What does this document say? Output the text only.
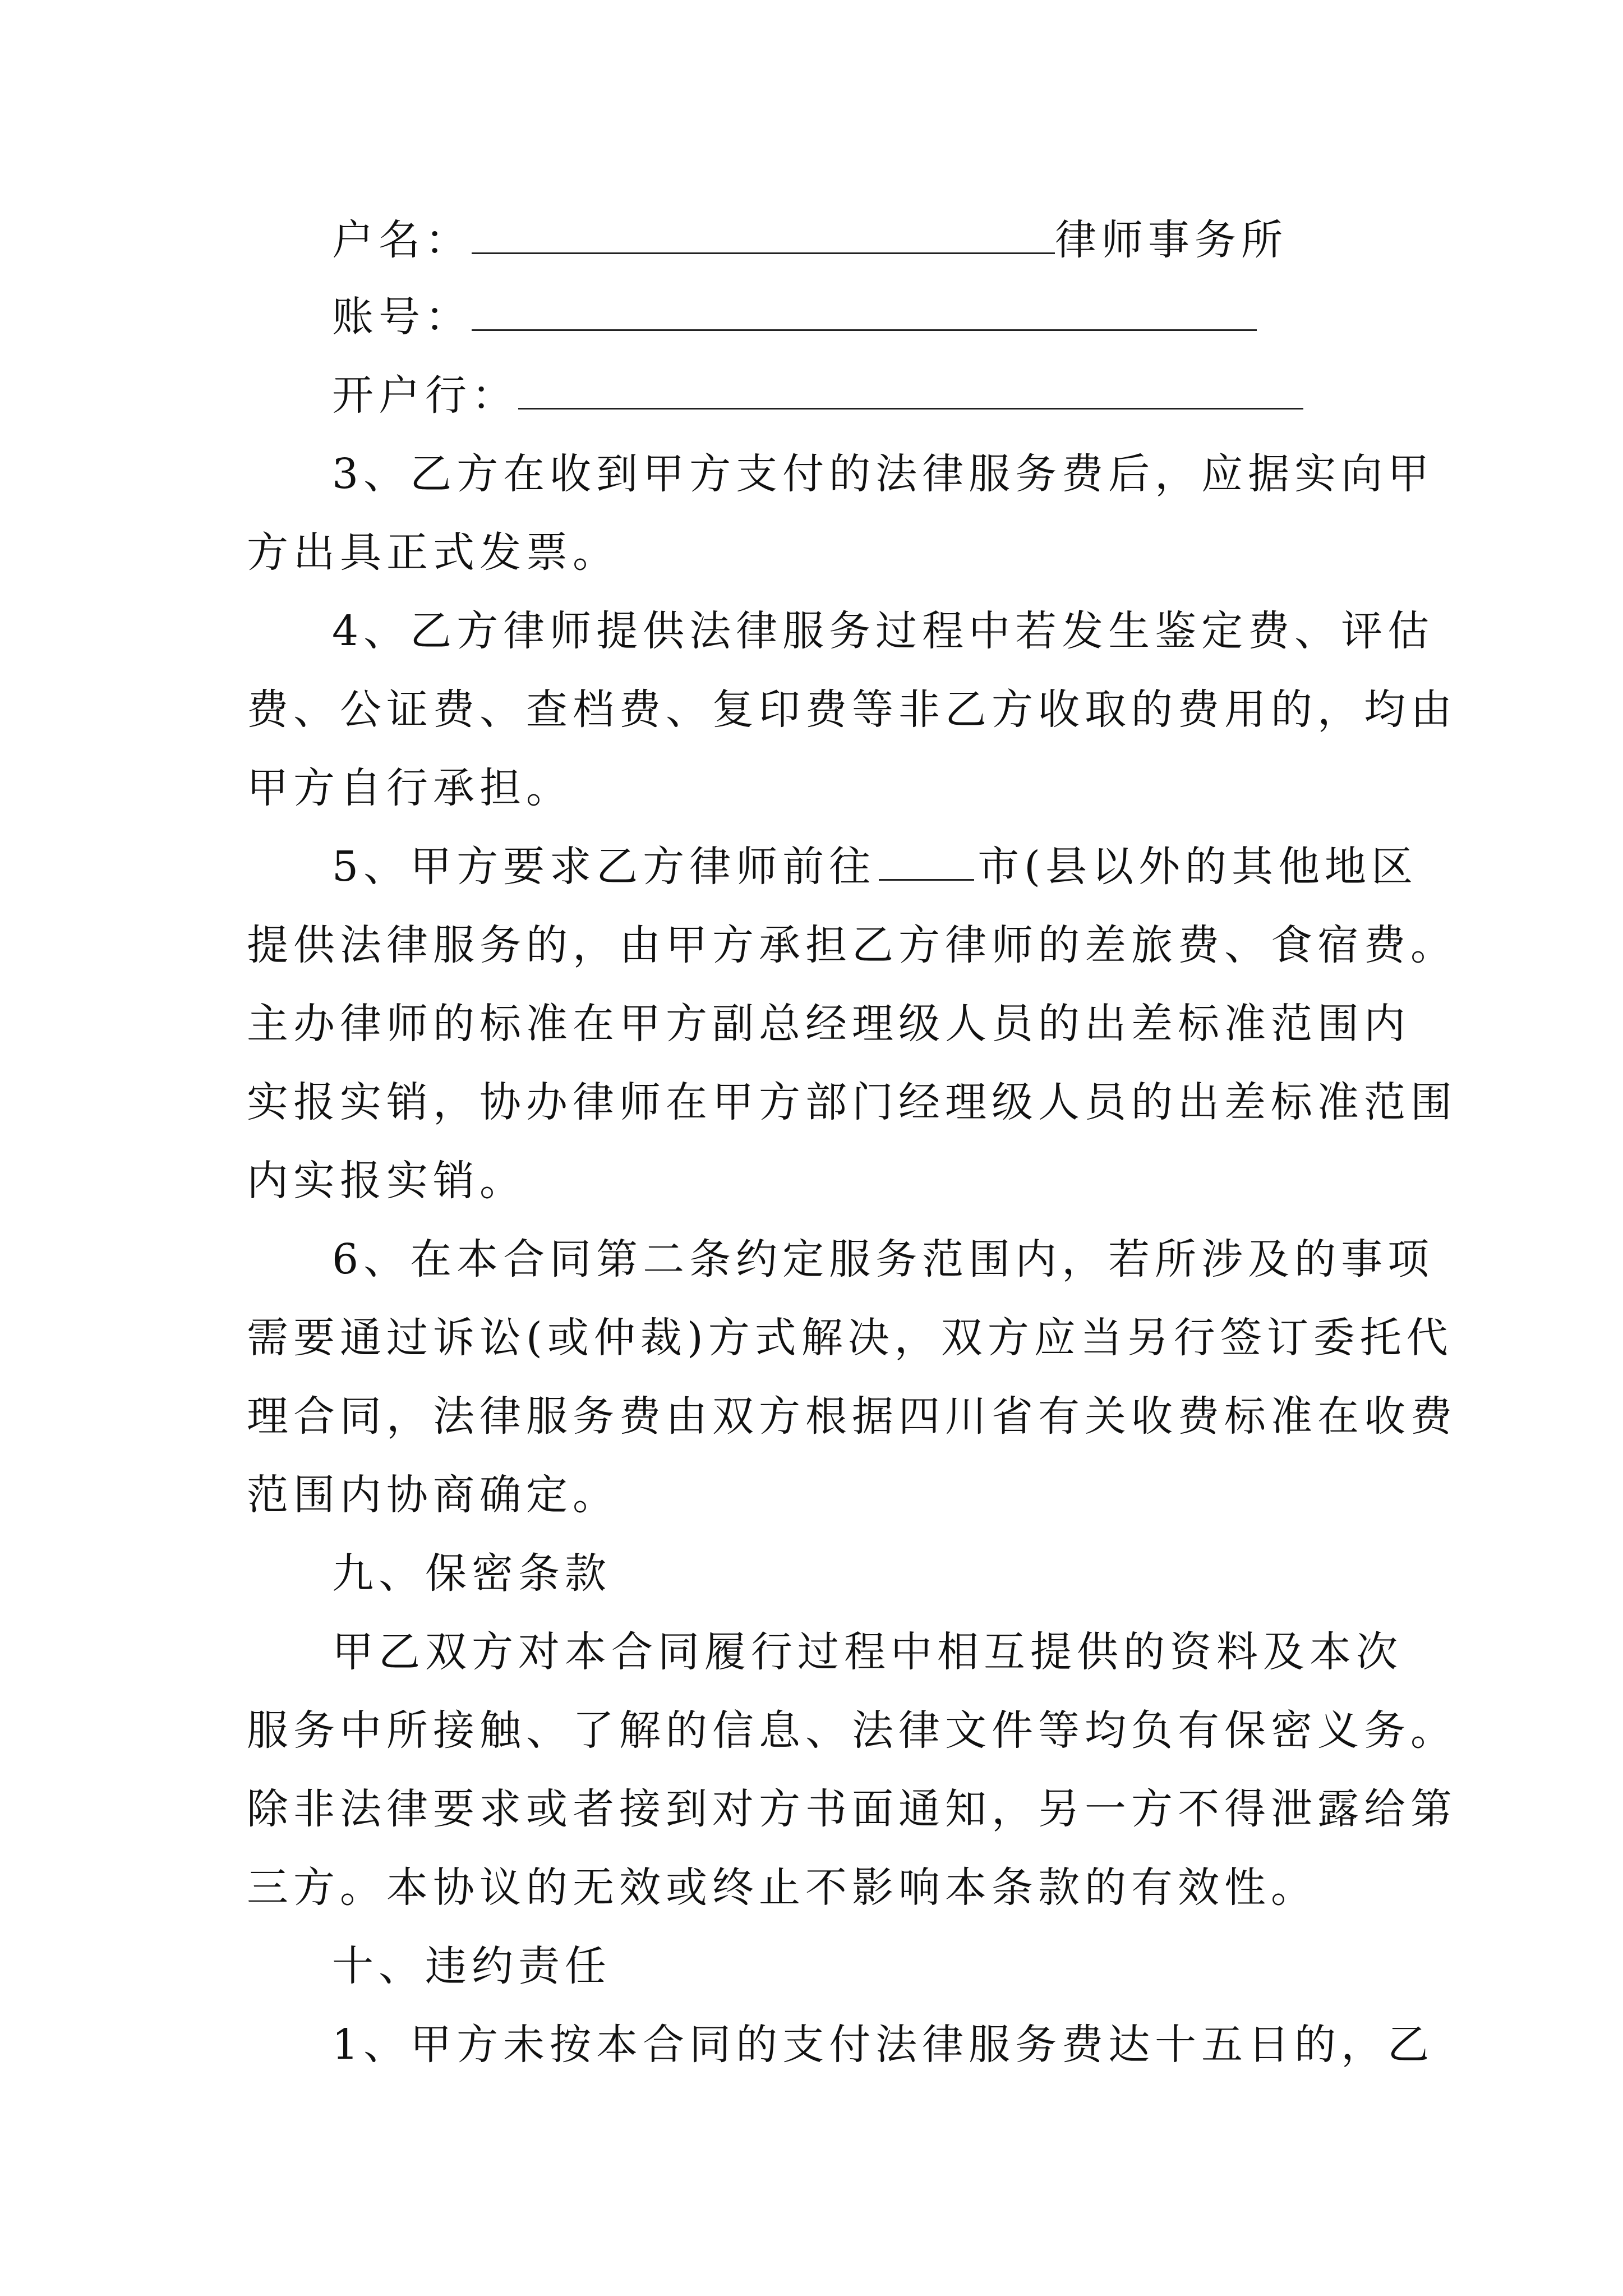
户名：	律师事务所
账号：
开户行：
3、乙方在收到甲方支付的法律服务费后，应据实向甲
方出具正式发票。
4、乙方律师提供法律服务过程中若发生鉴定费、评估
费、公证费、查档费、复印费等非乙方收取的费用的，均由
甲方自行承担。
5、甲方要求乙方律师前往 市(县以外的其他地区
提供法律服务的，由甲方承担乙方律师的差旅费、食宿费。
主办律师的标准在甲方副总经理级人员的出差标准范围内
实报实销，协办律师在甲方部门经理级人员的出差标准范围
内实报实销。
6、在本合同第二条约定服务范围内，若所涉及的事项
需要通过诉讼(或仲裁)方式解决，双方应当另行签订委托代
理合同，法律服务费由双方根据四川省有关收费标准在收费
范围内协商确定。
九、保密条款
甲乙双方对本合同履行过程中相互提供的资料及本次
服务中所接触、了解的信息、法律文件等均负有保密义务。
除非法律要求或者接到对方书面通知，另一方不得泄露给第
三方。本协议的无效或终止不影响本条款的有效性。
十、违约责任
1、甲方未按本合同的支付法律服务费达十五日的，乙
